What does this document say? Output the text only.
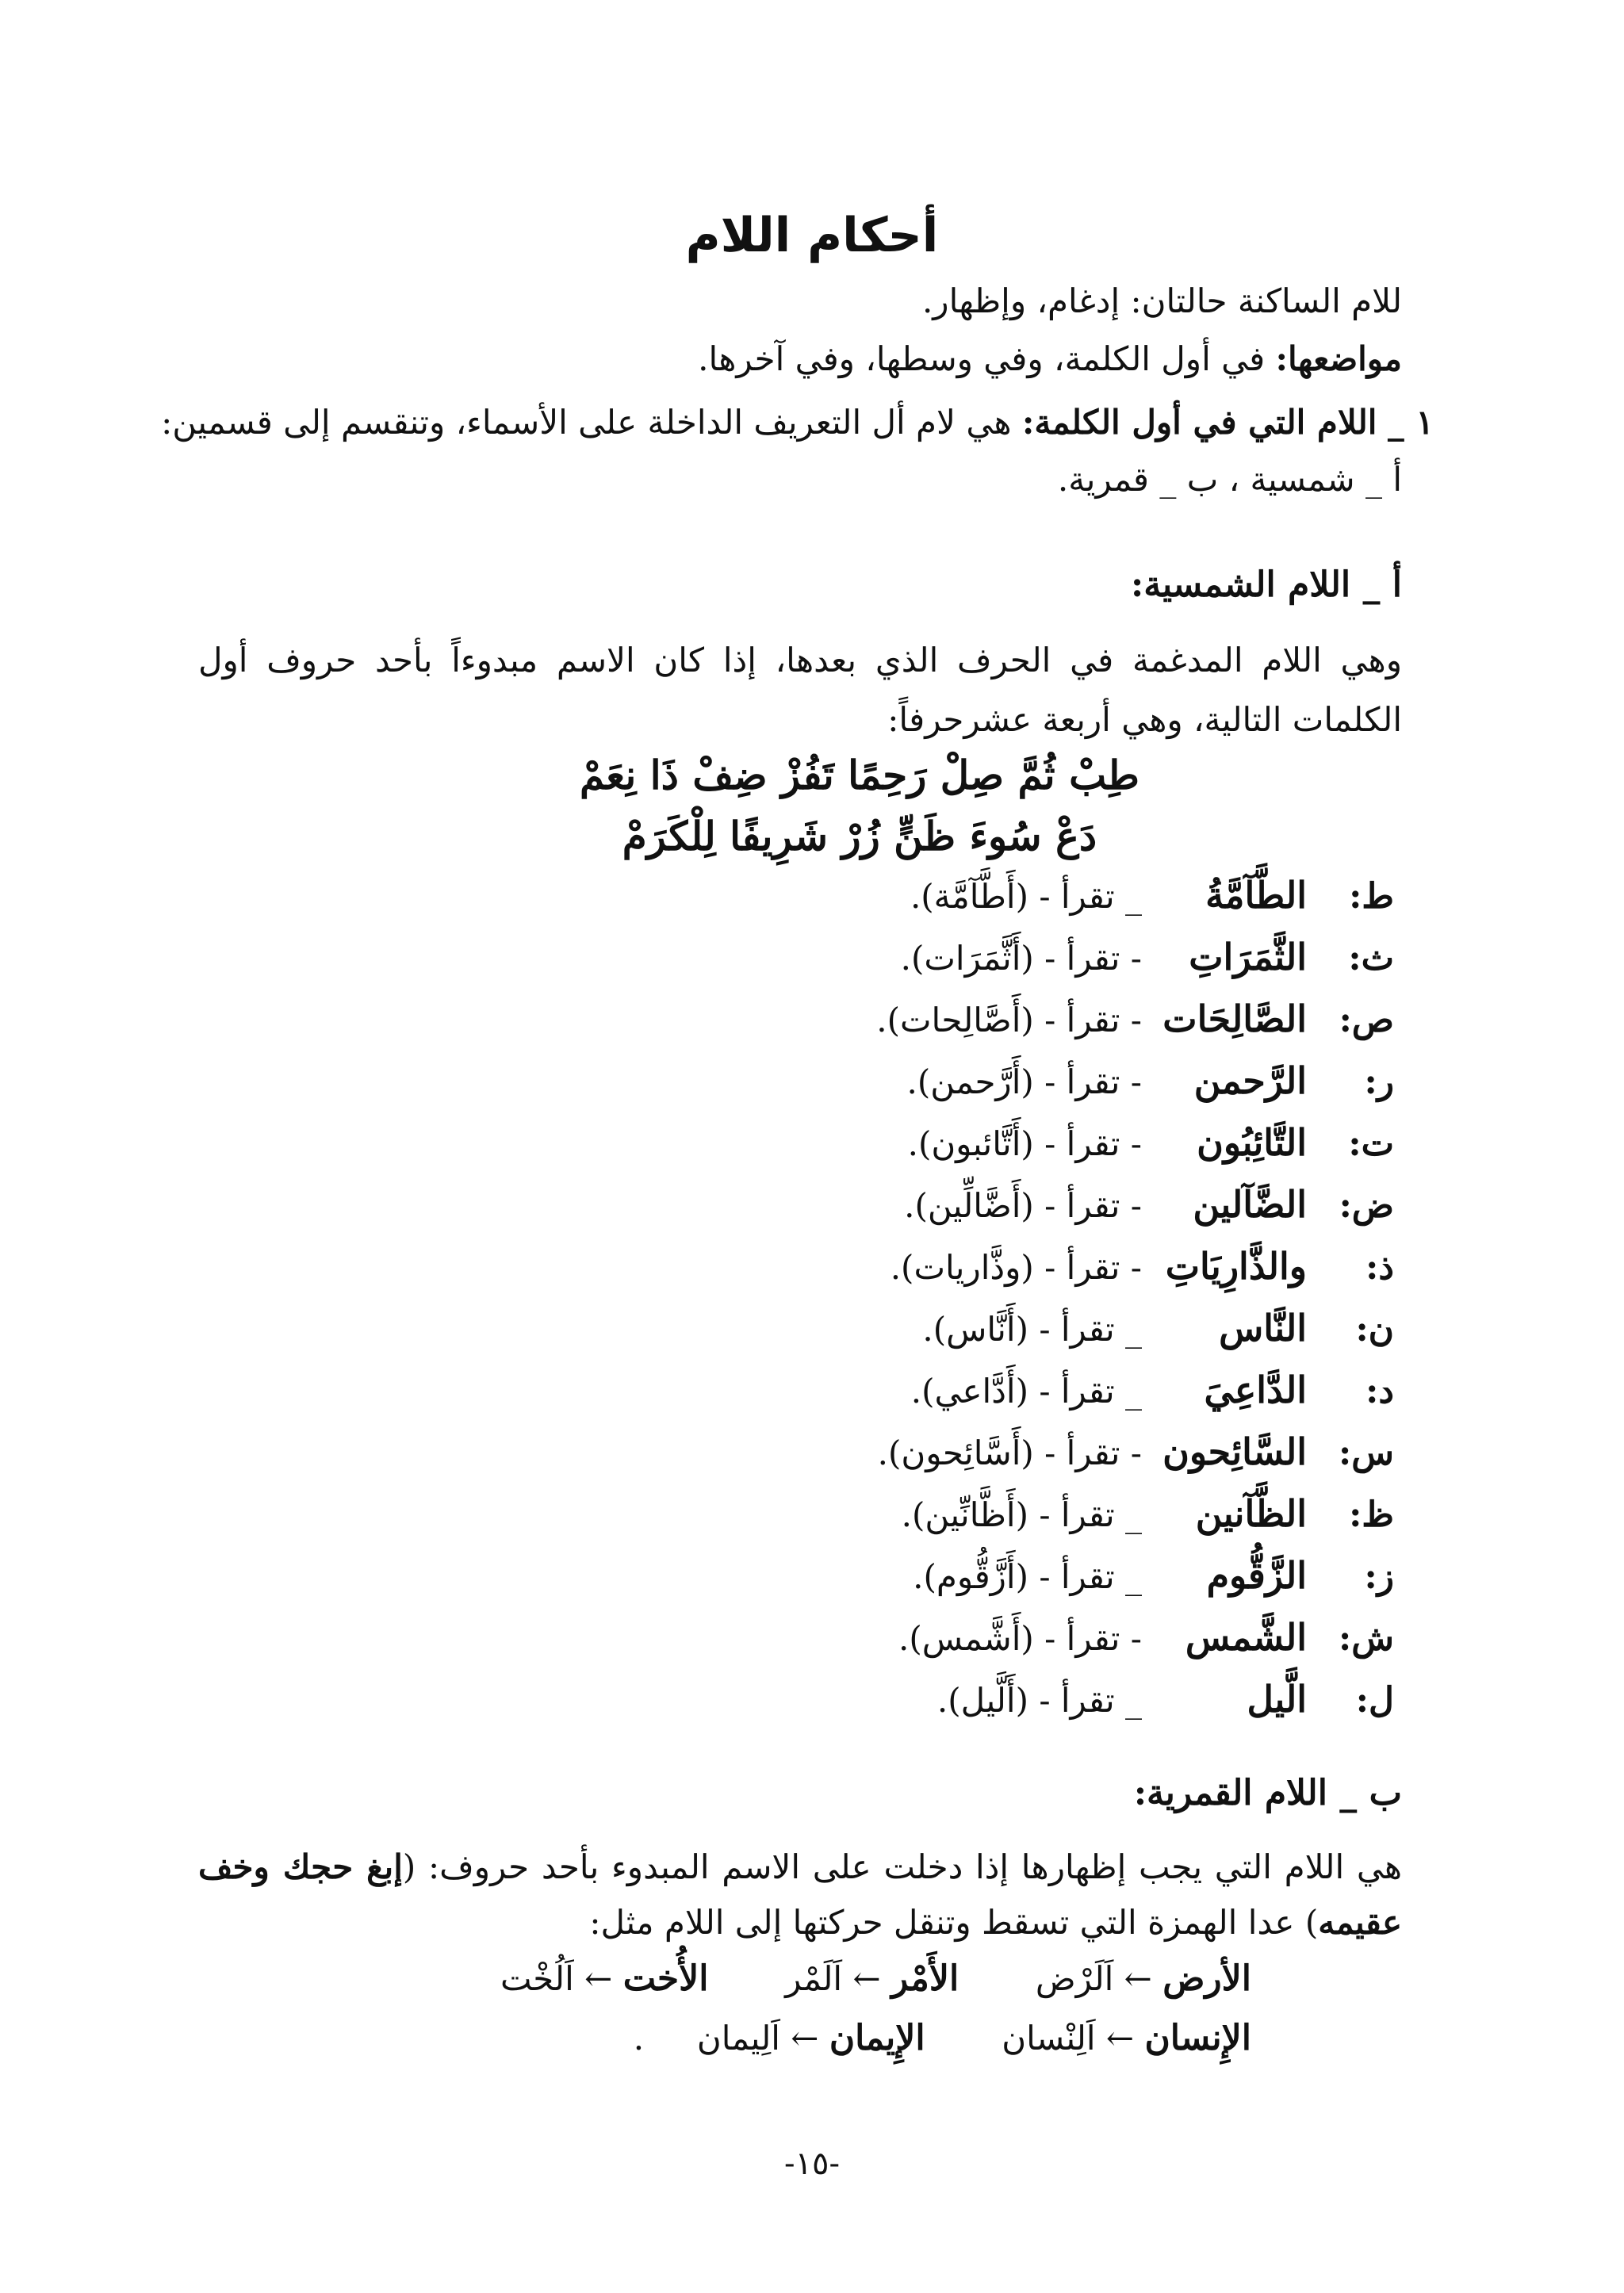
أحكام اللام
للام الساكنة حالتان: إدغام، وإظهار.
مواضعها: في أول الكلمة، وفي وسطها، وفي آخرها.
١ _ اللام التي في أول الكلمة: هي لام أل التعريف الداخلة على الأسماء، وتنقسم إلى قسمين:
أ _ شمسية ، ب _ قمرية.
أ _ اللام الشمسية:
وهي اللام المدغمة في الحرف الذي بعدها، إذا كان الاسم مبدوءاً بأحد حروف أول الكلمات التالية، وهي أربعة عشرحرفاً:
طِبْ ثُمَّ صِلْ رَحِمًا تَفُزْ ضِفْ ذَا نِعَمْ
دَعْ سُوءَ ظَنٍّ زُرْ شَرِيفًا لِلْكَرَمْ
ط:
الطَّآمَّةُ
_ تقرأ - (أَطَّآمَّة).
ث:
الثَّمَرَاتِ
- تقرأ - (أَثَّمَرَات).
ص:
الصَّالِحَات
- تقرأ - (أَصَّالِحات).
ر:
الرَّحمن
- تقرأ - (أَرَّحمن).
ت:
التَّائِبُون
- تقرأ - (أَتَّائبون).
ض:
الضَّآلين
- تقرأ - (أَضَّالِّين).
ذ:
والذَّارِيَاتِ
- تقرأ - (وذَّاريات).
ن:
النَّاس
_ تقرأ - (أَنَّاس).
د:
الدَّاعِيَ
_ تقرأ - (أَدَّاعي).
س:
السَّائِحون
- تقرأ - (أَسَّائِحون).
ظ:
الظَّآنين
_ تقرأ - (أَظَّانِّين).
ز:
الزَّقُّوم
_ تقرأ - (أَزَّقُّوم).
ش:
الشَّمس
- تقرأ - (أَشَّمس).
ل:
الَّيل
_ تقرأ - (أَلَّيل).
ب _ اللام القمرية:
هي اللام التي يجب إظهارها إذا دخلت على الاسم المبدوء بأحد حروف: (إبغ حجك وخف عقيمه) عدا الهمزة التي تسقط وتنقل حركتها إلى اللام مثل:
الأرض ← اَلَرْض  الأَمْر ← اَلَمْر  الأُخت ← اَلُخْت
الإِنسان ← اَلِنْسان  الإِيمان ← اَلِيمان  .
-١٥-
